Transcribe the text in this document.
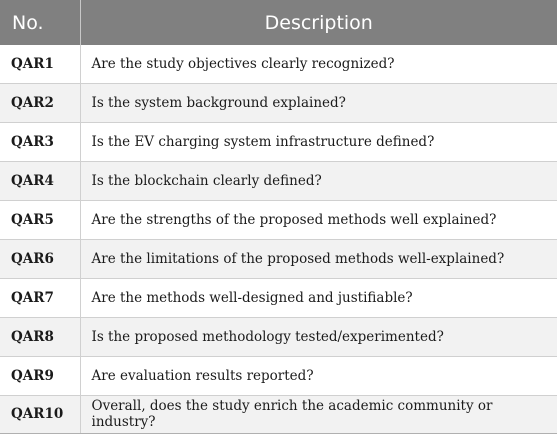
No.	Description
QAR1	Are the study objectives clearly recognized?
QAR2	Is the system background explained?
QAR3	Is the EV charging system infrastructure defined?
QAR4	Is the blockchain clearly defined?
QAR5	Are the strengths of the proposed methods well explained?
QAR6	Are the limitations of the proposed methods well-explained?
QAR7	Are the methods well-designed and justifiable?
QAR8	Is the proposed methodology tested/experimented?
QAR9	Are evaluation results reported?
QAR10	Overall, does the study enrich the academic community or industry?
